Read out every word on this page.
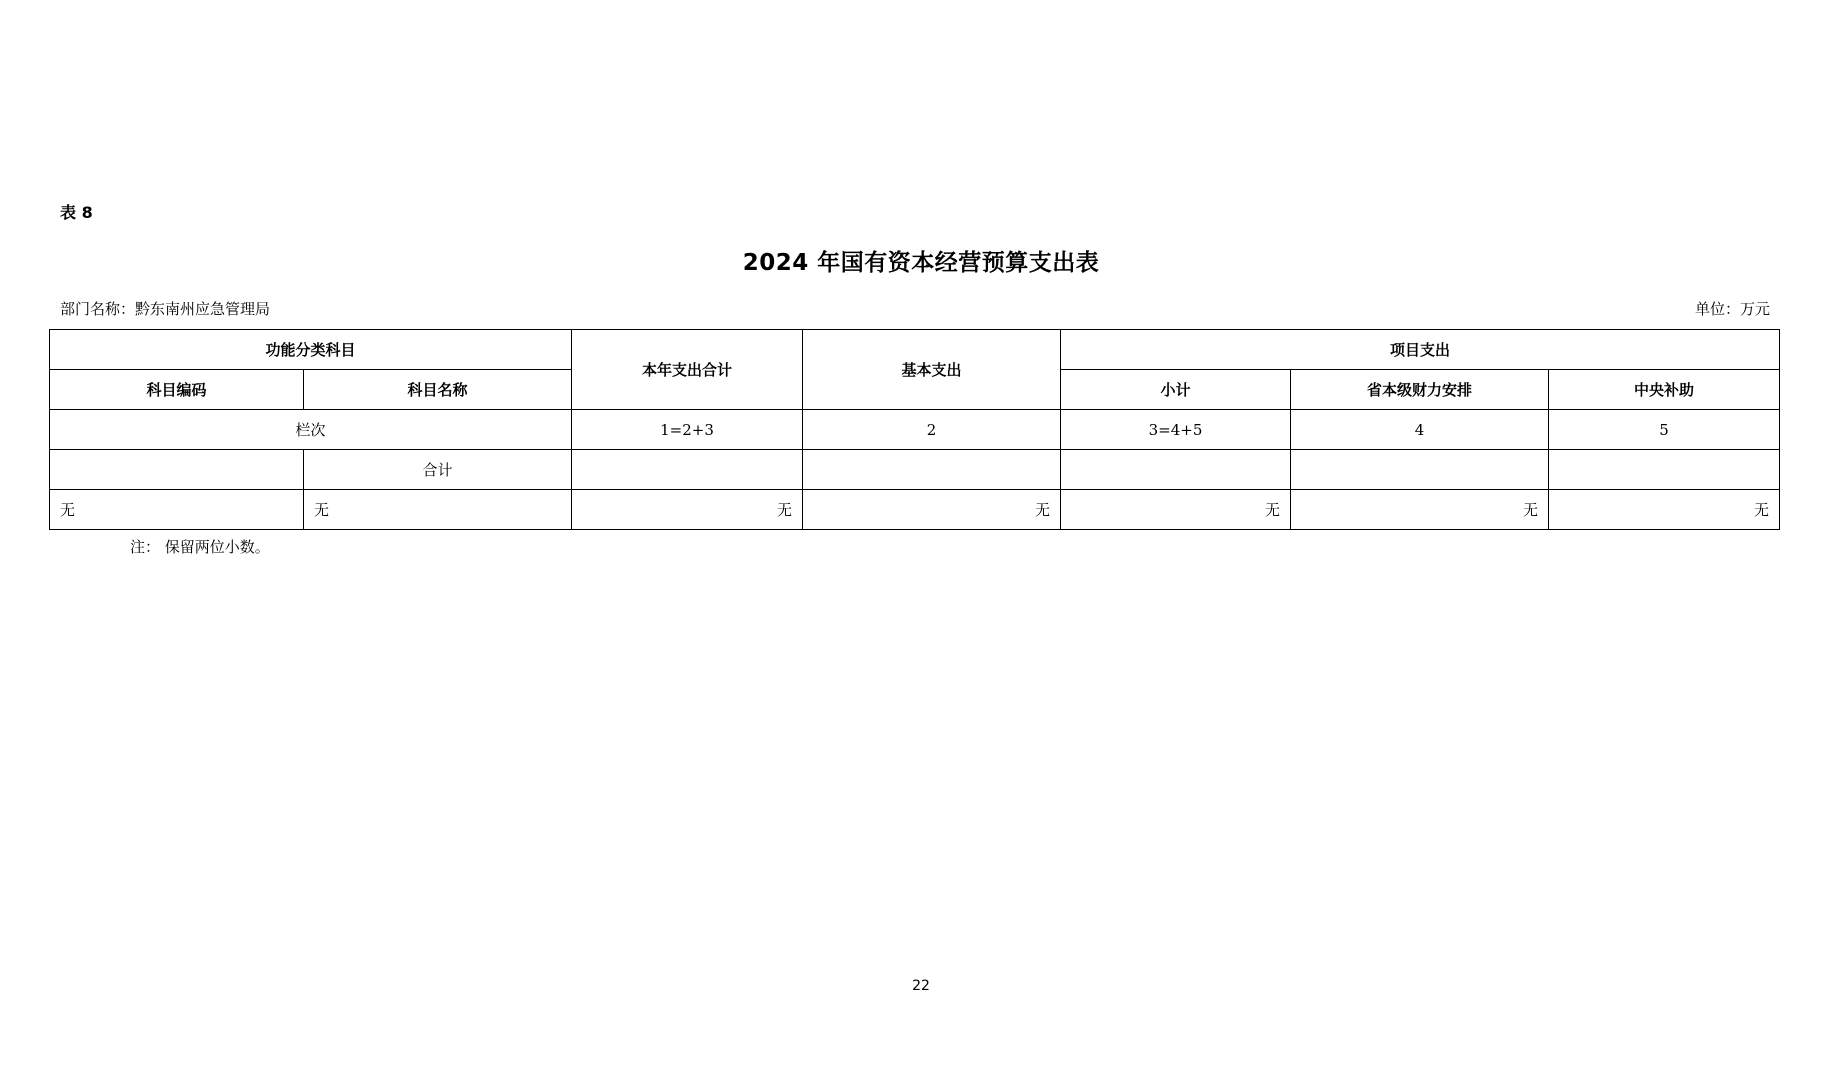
表 8
2024 年国有资本经营预算支出表
部门名称：黔东南州应急管理局	单位：万元
功能分类科目		本年支出合计	基本支出	项目支出		
科目编码	科目名称			小计	省本级财力安排	中央补助
栏次		1=2+3	2	3=4+5	4	5
	合计					
无	无	无	无	无	无	无
注： 保留两位小数。
22
